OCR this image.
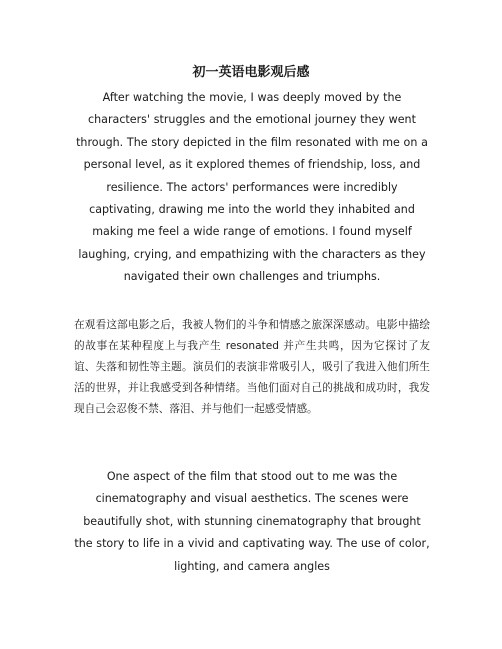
初一英语电影观后感

After watching the movie, I was deeply moved by the characters' struggles and the emotional journey they went through. The story depicted in the film resonated with me on a personal level, as it explored themes of friendship, loss, and resilience. The actors' performances were incredibly captivating, drawing me into the world they inhabited and making me feel a wide range of emotions. I found myself laughing, crying, and empathizing with the characters as they navigated their own challenges and triumphs.

在观看这部电影之后，我被人物们的斗争和情感之旅深深感动。电影中描绘的故事在某种程度上与我产生 resonated 并产生共鸣，因为它探讨了友谊、失落和韧性等主题。演员们的表演非常吸引人，吸引了我进入他们所生活的世界，并让我感受到各种情绪。当他们面对自己的挑战和成功时，我发现自己会忍俊不禁、落泪、并与他们一起感受情感。

One aspect of the film that stood out to me was the cinematography and visual aesthetics. The scenes were beautifully shot, with stunning cinematography that brought the story to life in a vivid and captivating way. The use of color, lighting, and camera angles
